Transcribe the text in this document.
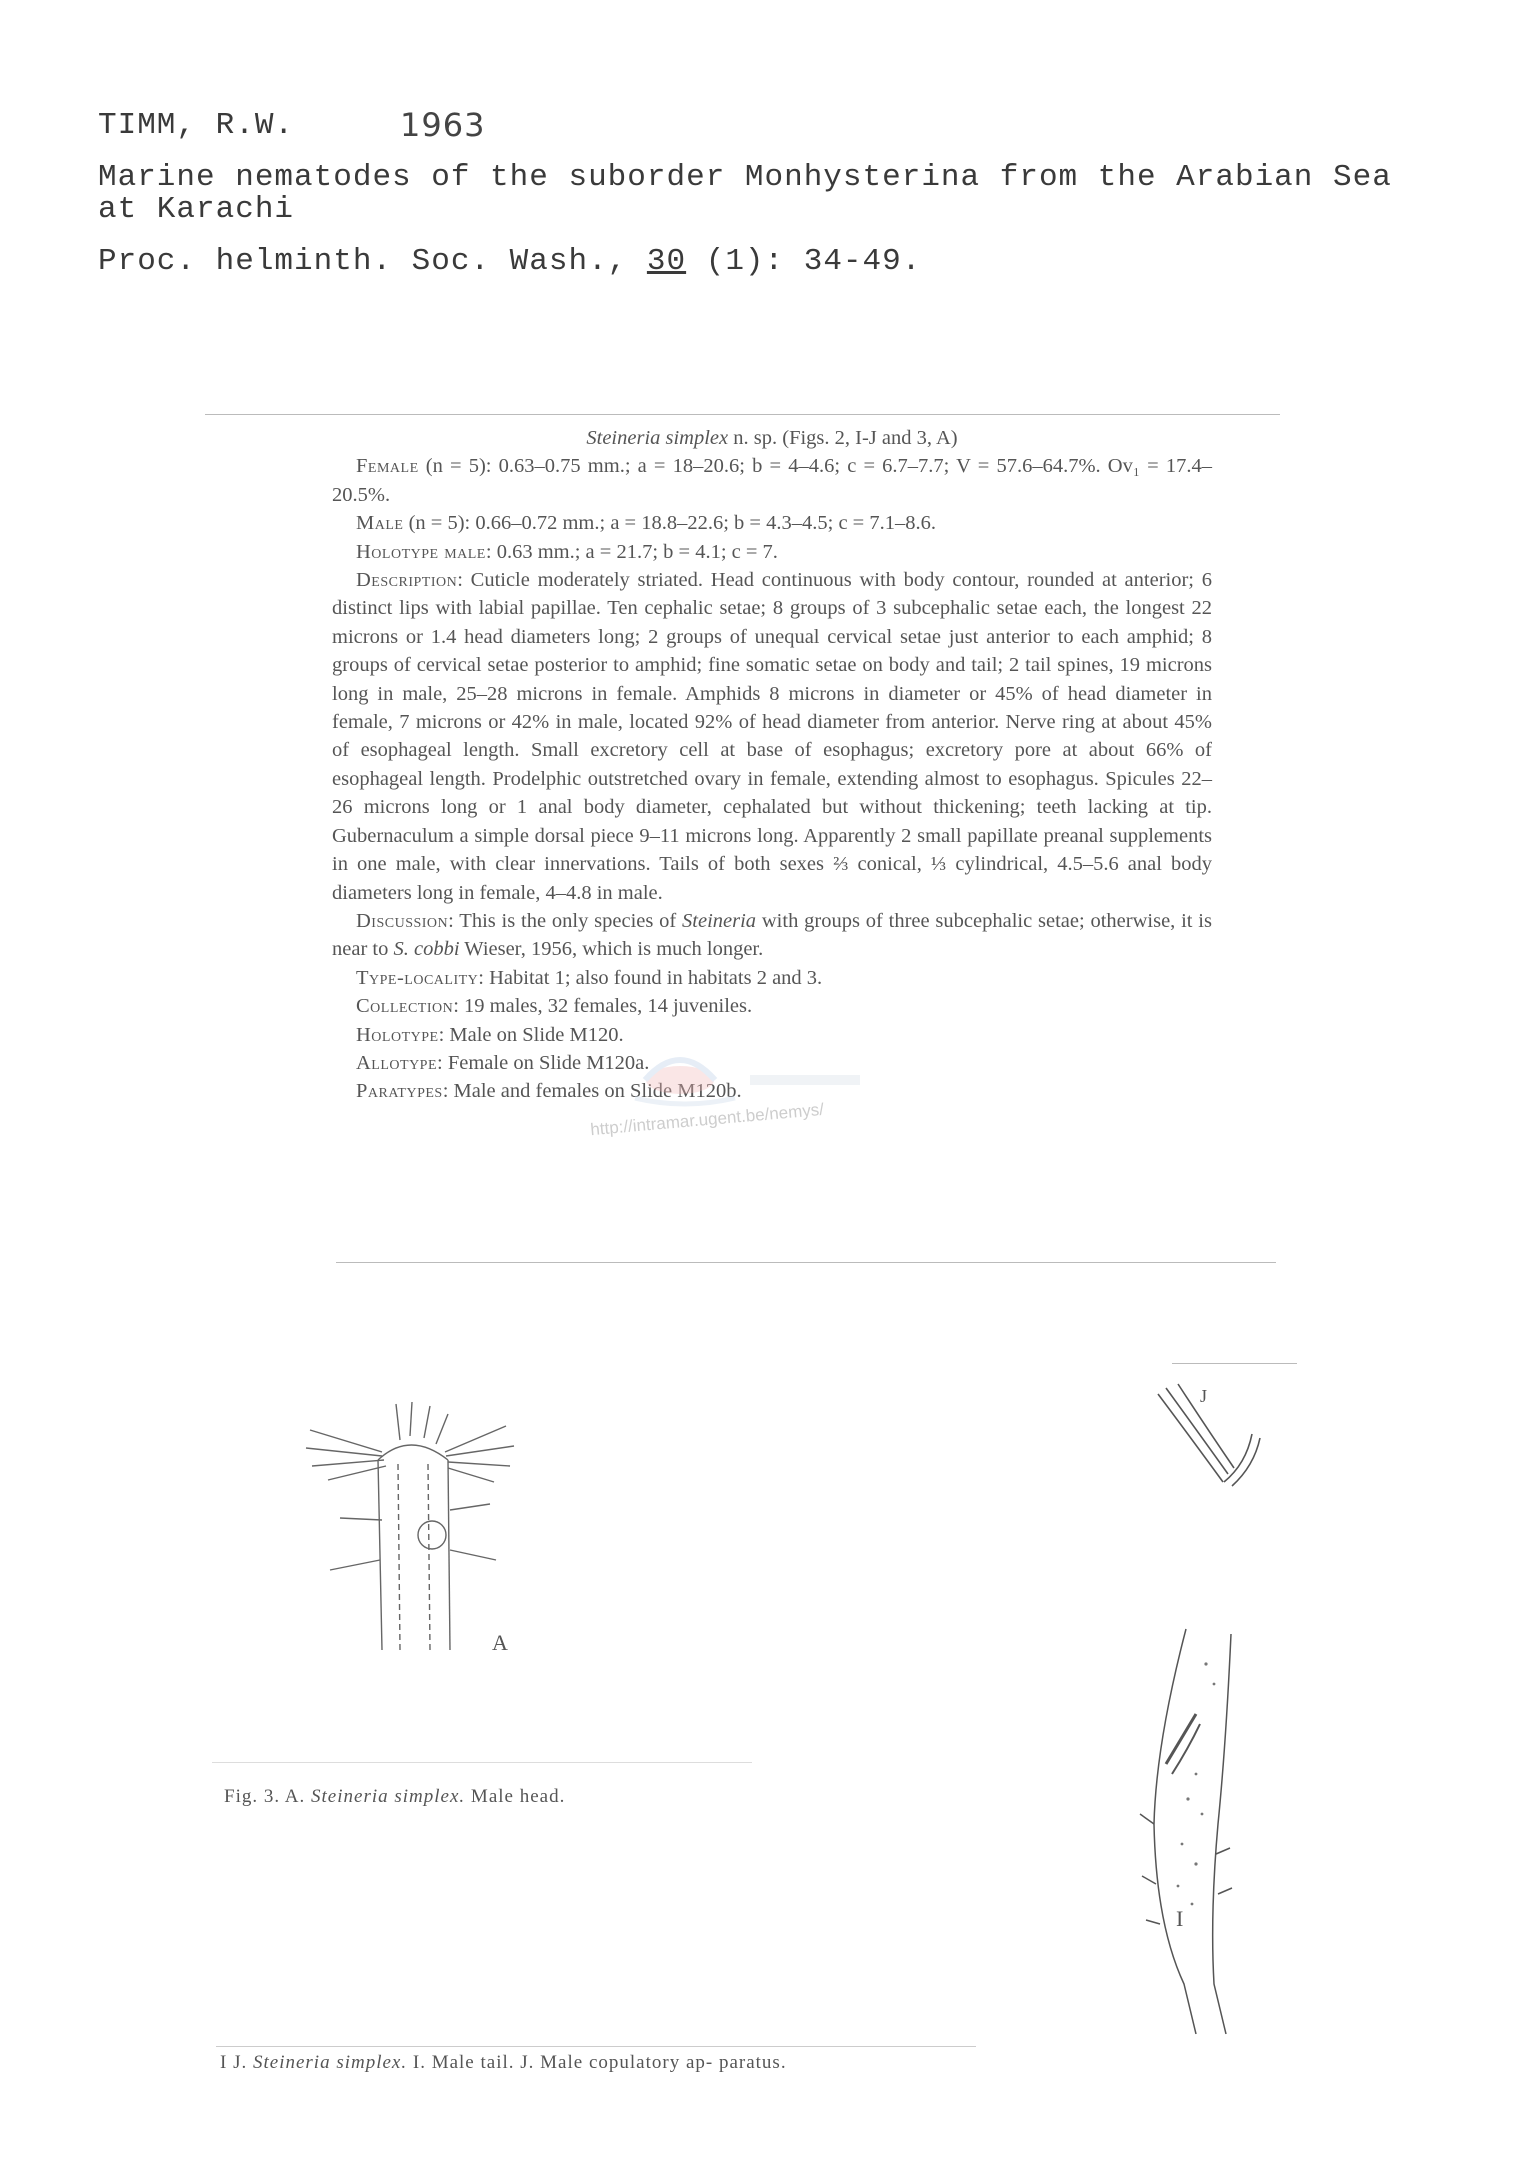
TIMM, R.W.	1963
Marine nematodes of the suborder Monhysterina from the Arabian Sea
at Karachi
Proc. helminth. Soc. Wash., 30 (1): 34-49.

Steineria simplex n. sp. (Figs. 2, I-J and 3, A)

Female (n = 5): 0.63–0.75 mm.; a = 18–20.6; b = 4–4.6; c = 6.7–7.7; V = 57.6–64.7%. Ov₁ = 17.4–20.5%.

Male (n = 5): 0.66–0.72 mm.; a = 18.8–22.6; b = 4.3–4.5; c = 7.1–8.6.

Holotype male: 0.63 mm.; a = 21.7; b = 4.1; c = 7.

Description: Cuticle moderately striated. Head continuous with body contour, rounded at anterior; 6 distinct lips with labial papillae. Ten cephalic setae; 8 groups of 3 subcephalic setae each, the longest 22 microns or 1.4 head diameters long; 2 groups of unequal cervical setae just anterior to each amphid; 8 groups of cervical setae posterior to amphid; fine somatic setae on body and tail; 2 tail spines, 19 microns long in male, 25–28 microns in female. Amphids 8 microns in diameter or 45% of head diameter in female, 7 microns or 42% in male, located 92% of head diameter from anterior. Nerve ring at about 45% of esophageal length. Small excretory cell at base of esophagus; excretory pore at about 66% of esophageal length. Prodelphic outstretched ovary in female, extending almost to esophagus. Spicules 22–26 microns long or 1 anal body diameter, cephalated but without thickening; teeth lacking at tip. Gubernaculum a simple dorsal piece 9–11 microns long. Apparently 2 small papillate preanal supplements in one male, with clear innervations. Tails of both sexes ⅔ conical, ⅓ cylindrical, 4.5–5.6 anal body diameters long in female, 4–4.8 in male.

Discussion: This is the only species of Steineria with groups of three subcephalic setae; otherwise, it is near to S. cobbi Wieser, 1956, which is much longer.

Type-locality: Habitat 1; also found in habitats 2 and 3.

Collection: 19 males, 32 females, 14 juveniles.

Holotype: Male on Slide M120.

Allotype: Female on Slide M120a.

Paratypes: Male and females on Slide M120b.

http://intramar.ugent.be/nemys/
A
Fig. 3. A. Steineria simplex. Male head.
J
I
I J. Steineria simplex. I. Male tail. J. Male copulatory ap- paratus.
